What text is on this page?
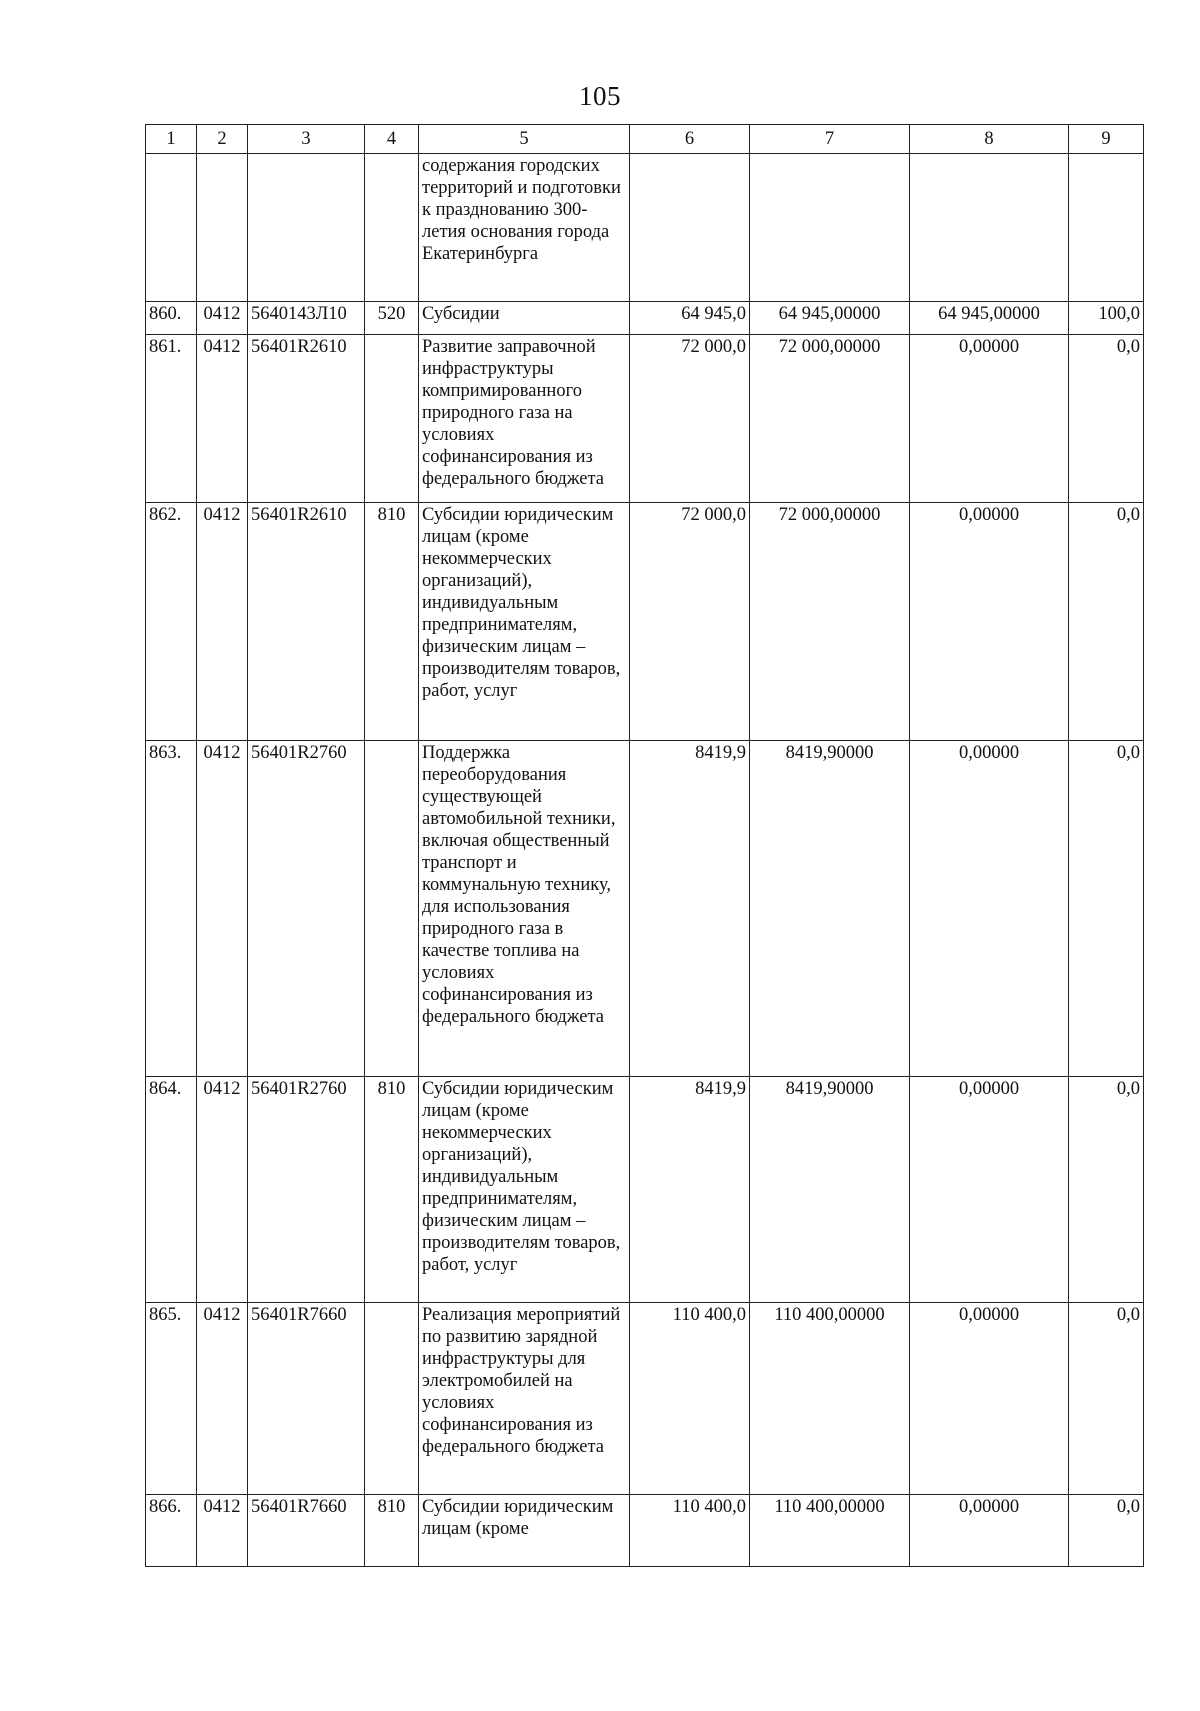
105
1	2	3	4	5	6	7	8	9
				содержания городских территорий и подготовки к празднованию 300-летия основания города Екатеринбурга				
860.	0412	5640143Л10	520	Субсидии	64 945,0	64 945,00000	64 945,00000	100,0
861.	0412	56401R2610		Развитие заправочной инфраструктуры компримированного природного газа на условиях софинансирования из федерального бюджета	72 000,0	72 000,00000	0,00000	0,0
862.	0412	56401R2610	810	Субсидии юридическим лицам (кроме некоммерческих организаций), индивидуальным предпринимателям, физическим лицам – производителям товаров, работ, услуг	72 000,0	72 000,00000	0,00000	0,0
863.	0412	56401R2760		Поддержка переоборудования существующей автомобильной техники, включая общественный транспорт и коммунальную технику, для использования природного газа в качестве топлива на условиях софинансирования из федерального бюджета	8419,9	8419,90000	0,00000	0,0
864.	0412	56401R2760	810	Субсидии юридическим лицам (кроме некоммерческих организаций), индивидуальным предпринимателям, физическим лицам – производителям товаров, работ, услуг	8419,9	8419,90000	0,00000	0,0
865.	0412	56401R7660		Реализация мероприятий по развитию зарядной инфраструктуры для электромобилей на условиях софинансирования из федерального бюджета	110 400,0	110 400,00000	0,00000	0,0
866.	0412	56401R7660	810	Субсидии юридическим лицам (кроме	110 400,0	110 400,00000	0,00000	0,0
